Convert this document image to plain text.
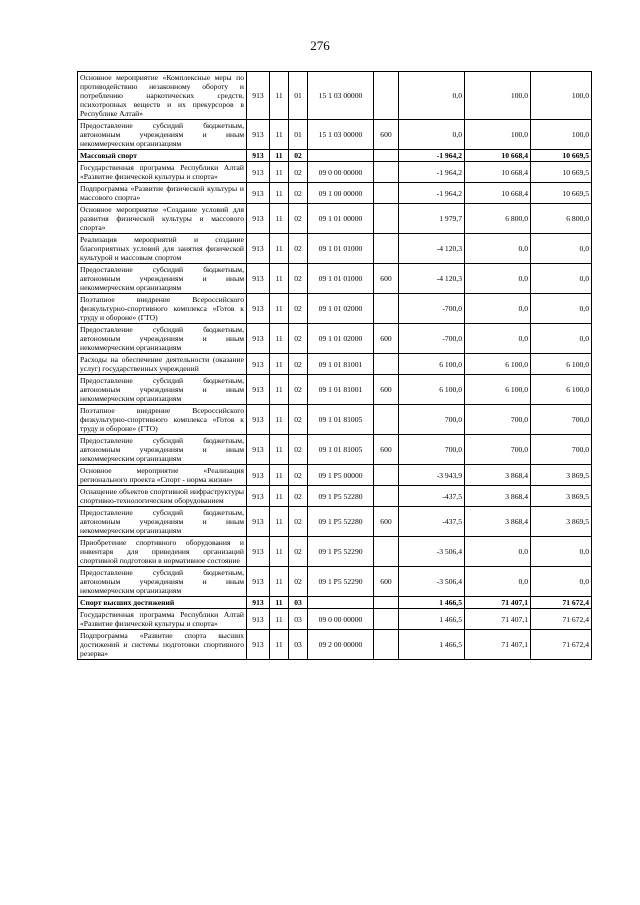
276
Основное мероприятие «Комплексные меры по противодействию незаконному обороту и потреблению наркотических средств, психотропных веществ и их прекурсоров в Республике Алтай»	913	11	01	15 1 03 00000		0,0	100,0	100,0
Предоставление субсидий бюджетным, автономным учреждениям и иным некоммерческим организациям	913	11	01	15 1 03 00000	600	0,0	100,0	100,0
Массовый спорт	913	11	02			-1 964,2	10 668,4	10 669,5
Государственная программа Республики Алтай «Развитие физической культуры и спорта»	913	11	02	09 0 00 00000		-1 964,2	10 668,4	10 669,5
Подпрограмма «Развитие физической культуры и массового спорта»	913	11	02	09 1 00 00000		-1 964,2	10 668,4	10 669,5
Основное мероприятие «Создание условий для развития физической культуры и массового спорта»	913	11	02	09 1 01 00000		1 979,7	6 800,0	6 800,0
Реализация мероприятий и создание благоприятных условий для занятия физической культурой и массовым спортом	913	11	02	09 1 01 01000		-4 120,3	0,0	0,0
Предоставление субсидий бюджетным, автономным учреждениям и иным некоммерческим организациям	913	11	02	09 1 01 01000	600	-4 120,3	0,0	0,0
Поэтапное внедрение Всероссийского физкультурно-спортивного комплекса «Готов к труду и обороне» (ГТО)	913	11	02	09 1 01 02000		-700,0	0,0	0,0
Предоставление субсидий бюджетным, автономным учреждениям и иным некоммерческим организациям	913	11	02	09 1 01 02000	600	-700,0	0,0	0,0
Расходы на обеспечение деятельности (оказание услуг) государственных учреждений	913	11	02	09 1 01 81001		6 100,0	6 100,0	6 100,0
Предоставление субсидий бюджетным, автономным учреждениям и иным некоммерческим организациям	913	11	02	09 1 01 81001	600	6 100,0	6 100,0	6 100,0
Поэтапное внедрение Всероссийского физкультурно-спортивного комплекса «Готов к труду и обороне» (ГТО)	913	11	02	09 1 01 81005		700,0	700,0	700,0
Предоставление субсидий бюджетным, автономным учреждениям и иным некоммерческим организациям	913	11	02	09 1 01 81005	600	700,0	700,0	700,0
Основное мероприятие «Реализация регионального проекта «Спорт - норма жизни»	913	11	02	09 1 P5 00000		-3 943,9	3 868,4	3 869,5
Оснащение объектов спортивной инфраструктуры спортивно-технологическим оборудованием	913	11	02	09 1 P5 52280		-437,5	3 868,4	3 869,5
Предоставление субсидий бюджетным, автономным учреждениям и иным некоммерческим организациям	913	11	02	09 1 P5 52280	600	-437,5	3 868,4	3 869,5
Приобретение спортивного оборудования и инвентаря для приведения организаций спортивной подготовки в нормативное состояние	913	11	02	09 1 P5 52290		-3 506,4	0,0	0,0
Предоставление субсидий бюджетным, автономным учреждениям и иным некоммерческим организациям	913	11	02	09 1 P5 52290	600	-3 506,4	0,0	0,0
Спорт высших достижений	913	11	03			1 466,5	71 407,1	71 672,4
Государственная программа Республики Алтай «Развитие физической культуры и спорта»	913	11	03	09 0 00 00000		1 466,5	71 407,1	71 672,4
Подпрограмма «Развитие спорта высших достижений и системы подготовки спортивного резерва»	913	11	03	09 2 00 00000		1 466,5	71 407,1	71 672,4
